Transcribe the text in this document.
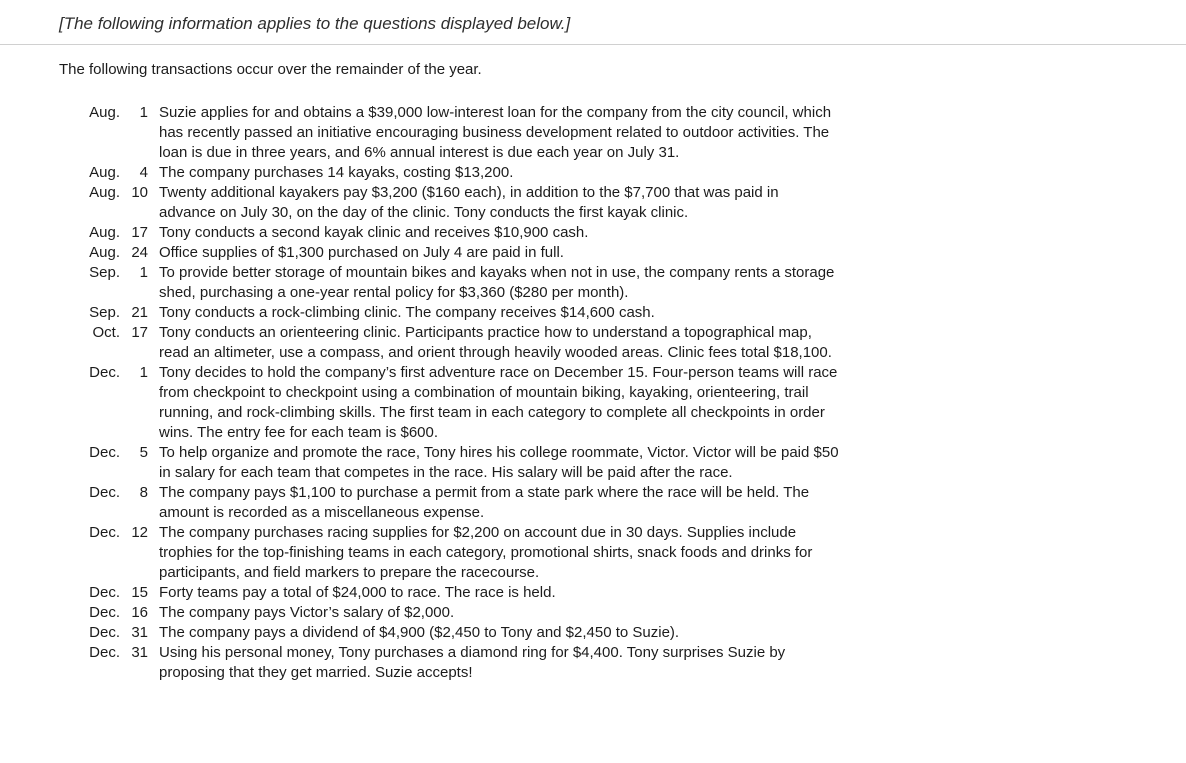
[The following information applies to the questions displayed below.]
The following transactions occur over the remainder of the year.
Aug.	1 Suzie applies for and obtains a $39,000 low-interest loan for the company from the city council, which has recently passed an initiative encouraging business development related to outdoor activities. The loan is due in three years, and 6% annual interest is due each year on July 31.
Aug.	4 The company purchases 14 kayaks, costing $13,200.
Aug. 10 Twenty additional kayakers pay $3,200 ($160 each), in addition to the $7,700 that was paid in advance on July 30, on the day of the clinic. Tony conducts the first kayak clinic.
Aug. 17 Tony conducts a second kayak clinic and receives $10,900 cash.
Aug. 24 Office supplies of $1,300 purchased on July 4 are paid in full.
Sep.	1 To provide better storage of mountain bikes and kayaks when not in use, the company rents a storage shed, purchasing a one-year rental policy for $3,360 ($280 per month).
Sep. 21 Tony conducts a rock-climbing clinic. The company receives $14,600 cash.
Oct. 17 Tony conducts an orienteering clinic. Participants practice how to understand a topographical map, read an altimeter, use a compass, and orient through heavily wooded areas. Clinic fees total $18,100.
Dec.	1 Tony decides to hold the company’s first adventure race on December 15. Four-person teams will race from checkpoint to checkpoint using a combination of mountain biking, kayaking, orienteering, trail running, and rock-climbing skills. The first team in each category to complete all checkpoints in order wins. The entry fee for each team is $600.
Dec.	5 To help organize and promote the race, Tony hires his college roommate, Victor. Victor will be paid $50 in salary for each team that competes in the race. His salary will be paid after the race.
Dec.	8 The company pays $1,100 to purchase a permit from a state park where the race will be held. The amount is recorded as a miscellaneous expense.
Dec. 12 The company purchases racing supplies for $2,200 on account due in 30 days. Supplies include trophies for the top-finishing teams in each category, promotional shirts, snack foods and drinks for participants, and field markers to prepare the racecourse.
Dec. 15 Forty teams pay a total of $24,000 to race. The race is held.
Dec. 16 The company pays Victor’s salary of $2,000.
Dec. 31 The company pays a dividend of $4,900 ($2,450 to Tony and $2,450 to Suzie).
Dec. 31 Using his personal money, Tony purchases a diamond ring for $4,400. Tony surprises Suzie by proposing that they get married. Suzie accepts!
